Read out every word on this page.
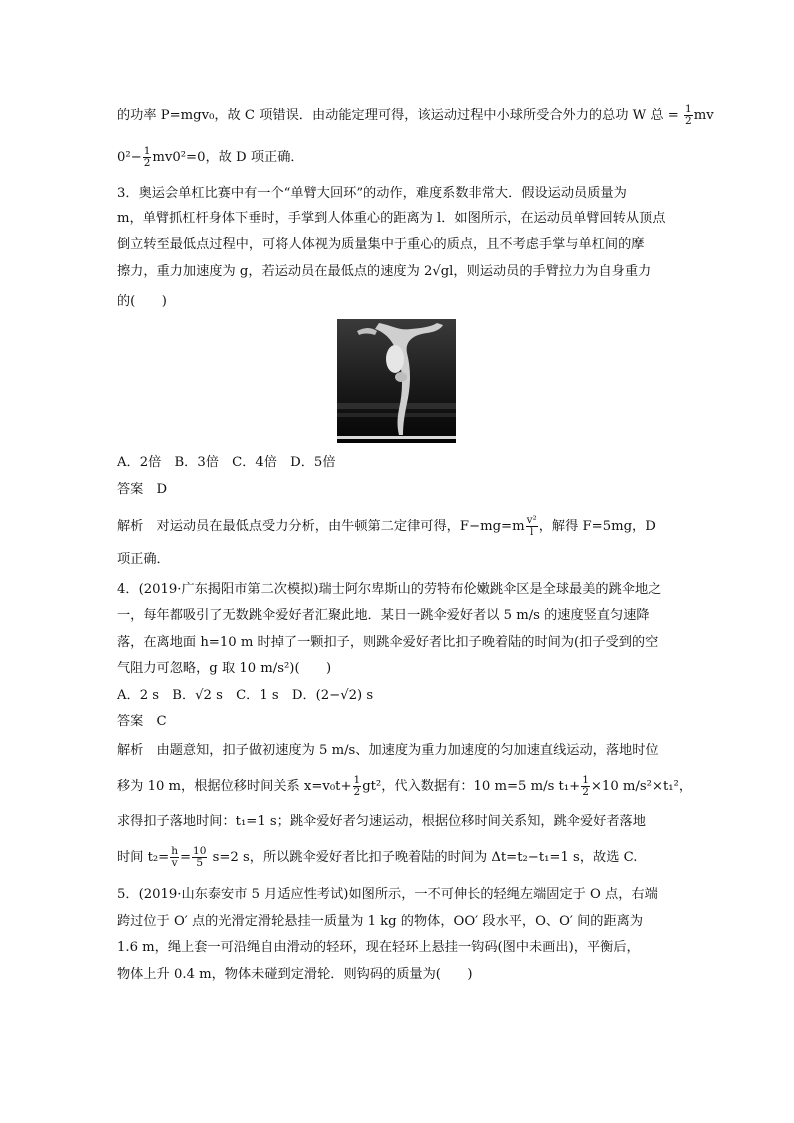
的功率 P=mgv₀，故 C 项错误．由动能定理可得，该运动过程中小球所受合外力的总功 W 总 = $\frac{1}{2}$ mv
$0^2- \frac{1}{2} mv0^2=0$，故 D 项正确．
3．奥运会单杠比赛中有一个“单臂大回环”的动作，难度系数非常大．假设运动员质量为
m，单臂抓杠杆身体下垂时，手掌到人体重心的距离为 l．如图所示，在运动员单臂回转从顶点
倒立转至最低点过程中，可将人体视为质量集中于重心的质点，且不考虑手掌与单杠间的摩
擦力，重力加速度为 g，若运动员在最低点的速度为 2√gl，则运动员的手臂拉力为自身重力
的(　　)
A．2倍　B．3倍　C．4倍　D．5倍
答案　D
解析　对运动员在最低点受力分析，由牛顿第二定律可得，$F-mg=m \frac{\text{v²}}{l}$ ，解得 F=5mg，D
项正确．
4．(2019·广东揭阳市第二次模拟)瑞士阿尔卑斯山的劳特布伦嫩跳伞区是全球最美的跳伞地之
一，每年都吸引了无数跳伞爱好者汇聚此地．某日一跳伞爱好者以 5 m/s 的速度竖直匀速降
落，在离地面 h=10 m 时掉了一颗扣子，则跳伞爱好者比扣子晚着陆的时间为(扣子受到的空
气阻力可忽略，g 取 10 m/s²)(　　)
A．2 s　B．√2 s　C．1 s　D．(2−√2) s
答案　C
解析　由题意知，扣子做初速度为 5 m/s、加速度为重力加速度的匀加速直线运动，落地时位
移为 10 m，根据位移时间关系 $x=v_0t+ \frac{1}{2} gt^2$，代入数据有：10 m=5 m/s $t_1+ \frac{1}{2} \times 10$ m/s²×t₁²，
求得扣子落地时间：t₁=1 s；跳伞爱好者匀速运动，根据位移时间关系知，跳伞爱好者落地
时间 $t_2= \frac{h}{v} = \frac{10}{5} s=2$ s，所以跳伞爱好者比扣子晚着陆的时间为 Δt=t₂−t₁=1 s，故选 C.
5．(2019·山东泰安市 5 月适应性考试)如图所示，一不可伸长的轻绳左端固定于 O 点，右端
跨过位于 O′ 点的光滑定滑轮悬挂一质量为 1 kg 的物体，OO′ 段水平，O、O′ 间的距离为
1.6 m，绳上套一可沿绳自由滑动的轻环，现在轻环上悬挂一钩码(图中未画出)，平衡后，
物体上升 0.4 m，物体未碰到定滑轮．则钩码的质量为(　　)
